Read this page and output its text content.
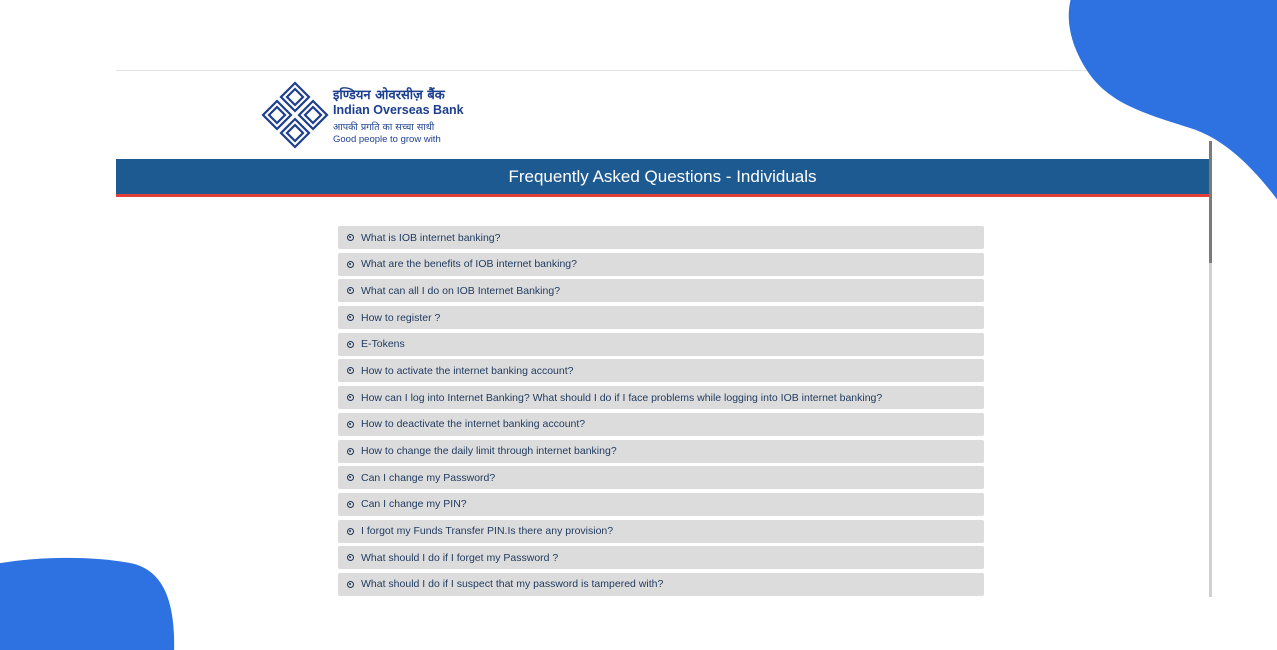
इण्डियन ओवरसीज़ बैंक
Indian Overseas Bank
आपकी प्रगति का सच्चा साथी
Good people to grow with
Frequently Asked Questions - Individuals
What is IOB internet banking?
What are the benefits of IOB internet banking?
What can all I do on IOB Internet Banking?
How to register ?
E-Tokens
How to activate the internet banking account?
How can I log into Internet Banking? What should I do if I face problems while logging into IOB internet banking?
How to deactivate the internet banking account?
How to change the daily limit through internet banking?
Can I change my Password?
Can I change my PIN?
I forgot my Funds Transfer PIN.Is there any provision?
What should I do if I forget my Password ?
What should I do if I suspect that my password is tampered with?
